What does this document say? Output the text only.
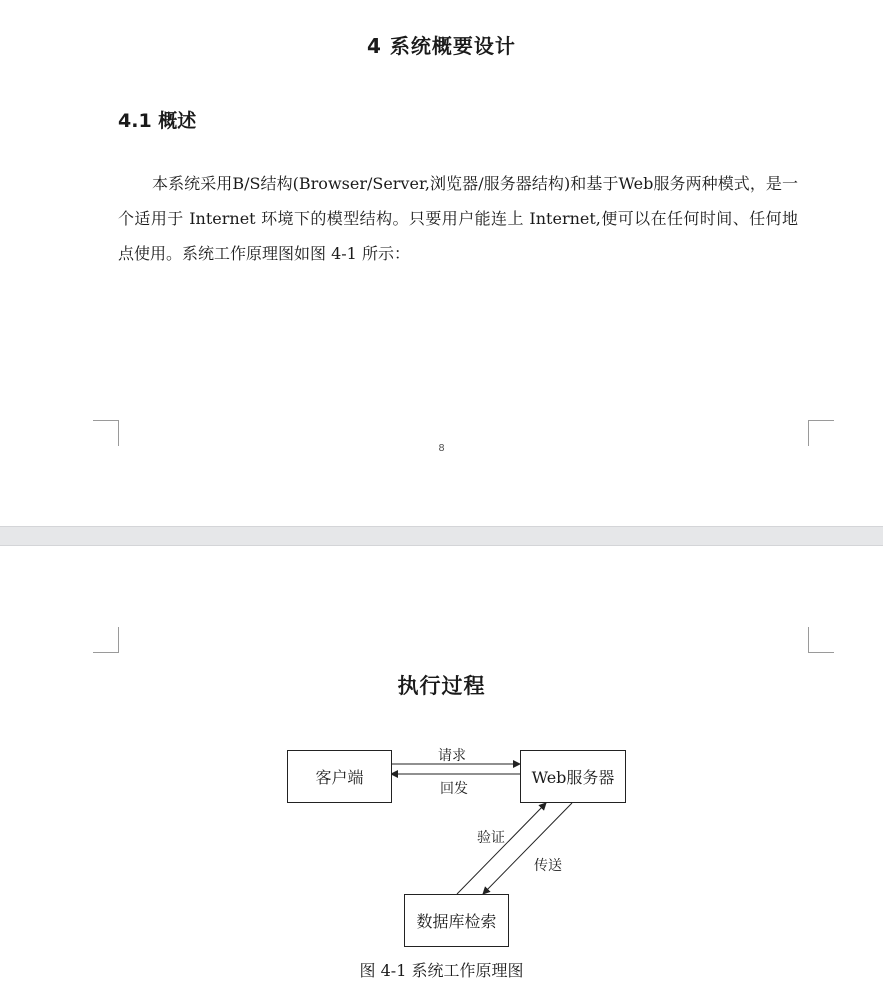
4 系统概要设计
4.1 概述

本系统采用B/S结构(Browser/Server,浏览器/服务器结构)和基于Web服务两种模式，是一个适用于 Internet 环境下的模型结构。只要用户能连上 Internet,便可以在任何时间、任何地点使用。系统工作原理图如图 4-1 所示：

8
执行过程
客户端	Web服务器
数据库检索
请求
回发
验证
传送
图 4-1 系统工作原理图
